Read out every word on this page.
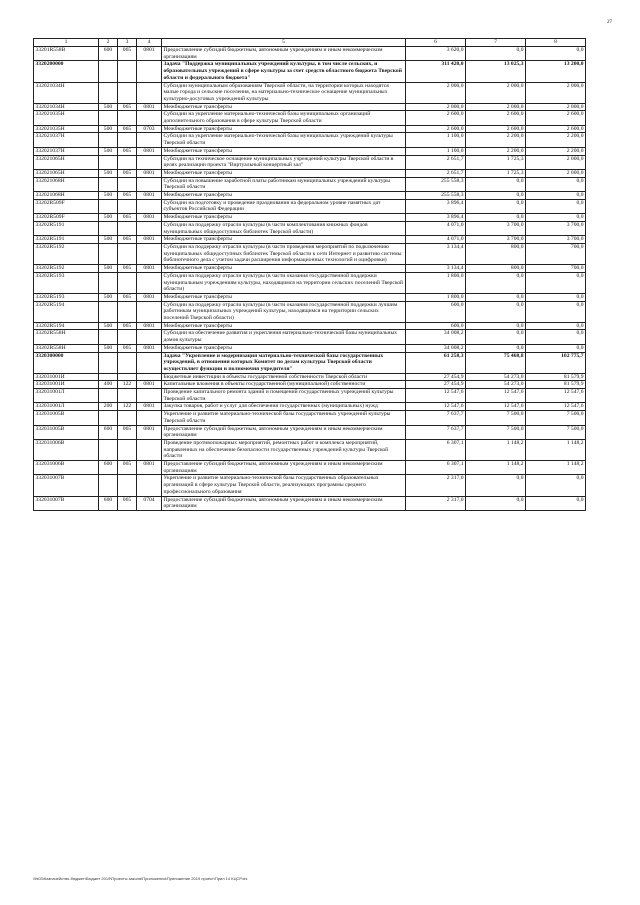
27
1	2	3	4	5	6	7	8
33201R558B	600	065	0801	Предоставление субсидий бюджетным, автономным учреждениям и иным некоммерческим организациям	3 620,0	0,0	0,0
3320200000				Задача "Поддержка муниципальных учреждений культуры, в том числе сельских, и образовательных учреждений в сфере культуры за счет средств областного бюджета Тверской области и федерального бюджета"	311 420,0	13 025,3	13 200,0
332021034H				Субсидии муниципальным образованиям Тверской области, на территории которых находятся малые города и сельские поселения, на материально-техническое оснащение муниципальных культурно-досуговых учреждений культуры	2 000,0	2 000,0	2 000,0
332021034H	500	065	0801	Межбюджетные трансферты	2 000,0	2 000,0	2 000,0
332021035H				Субсидии на укрепление материально-технической базы муниципальных организаций дополнительного образования в сфере культуры Тверской области	2 600,0	2 600,0	2 600,0
332021035H	500	065	0703	Межбюджетные трансферты	2 600,0	2 600,0	2 600,0
332021037H				Субсидии на укрепление материально-технической базы муниципальных учреждений культуры Тверской области	1 100,0	2 200,0	2 200,0
332021037H	500	065	0801	Межбюджетные трансферты	1 100,0	2 200,0	2 200,0
332021065H				Субсидии на техническое оснащение муниципальных учреждений культуры Тверской области в целях реализации проекта "Виртуальный концертный зал"	2 651,7	1 725,3	2 000,0
332021065H	500	065	0801	Межбюджетные трансферты	2 651,7	1 725,3	2 000,0
332021068H				Субсидии на повышение заработной платы работникам муниципальных учреждений культуры Тверской области	255 558,3	0,0	0,0
332021068H	500	065	0801	Межбюджетные трансферты	255 558,3	0,0	0,0
33202R509F				Субсидии на подготовку и проведение празднования на федеральном уровне памятных дат субъектов Российской Федерации	3 896,4	0,0	0,0
33202R509F	500	065	0801	Межбюджетные трансферты	3 896,4	0,0	0,0
33202R5191				Субсидии на поддержку отрасли культуры (в части комплектования книжных фондов муниципальных общедоступных библиотек Тверской области)	4 071,0	3 700,0	3 700,0
33202R5191	500	065	0801	Межбюджетные трансферты	4 071,0	3 700,0	3 700,0
33202R5192				Субсидии на поддержку отрасли культуры (в части проведения мероприятий по подключению муниципальных общедоступных библиотек Тверской области к сети Интернет и развитию системы библиотечного дела с учетом задачи расширения информационных технологий и оцифровки)	3 134,4	800,0	700,0
33202R5192	500	065	0801	Межбюджетные трансферты	3 134,4	800,0	700,0
33202R5193				Субсидии на поддержку отрасли культуры (в части оказания государственной поддержки муниципальным учреждениям культуры, находящимся на территории сельских поселений Тверской области)	1 800,0	0,0	0,0
33202R5193	500	065	0801	Межбюджетные трансферты	1 800,0	0,0	0,0
33202R5194				Субсидии на поддержку отрасли культуры (в части оказания государственной поддержки лучшим работникам муниципальных учреждений культуры, находящимся на территории сельских поселений Тверской области)	600,0	0,0	0,0
33202R5194	500	065	0801	Межбюджетные трансферты	600,0	0,0	0,0
33202R558H				Субсидии на обеспечение развития и укрепления материально-технической базы муниципальных домов культуры	34 008,2	0,0	0,0
33202R558H	500	065	0801	Межбюджетные трансферты	34 008,2	0,0	0,0
3320300000				Задача "Укрепление и модернизация материально-технической базы государственных учреждений, в отношении которых Комитет по делам культуры Тверской области осуществляет функции и полномочия учредителя"	61 258,3	75 468,8	102 775,7
332031001И				Бюджетные инвестиции в объекты государственной собственности Тверской области	27 454,9	54 273,0	81 579,9
332031001И	400	122	0801	Капитальные вложения в объекты государственной (муниципальной) собственности	27 454,9	54 273,0	81 579,9
332031001Л				Проведение капитального ремонта зданий и помещений государственных учреждений культуры Тверской области	12 547,6	12 547,6	12 547,6
332031001Л	200	122	0801	Закупка товаров, работ и услуг для обеспечения государственных (муниципальных) нужд	12 547,6	12 547,6	12 547,6
332031005B				Укрепление и развитие материально-технической базы государственных учреждений культуры Тверской области	7 637,7	7 500,0	7 500,0
332031005B	600	065	0801	Предоставление субсидий бюджетным, автономным учреждениям и иным некоммерческим организациям	7 637,7	7 500,0	7 500,0
332031006B				Проведение противопожарных мероприятий, ремонтных работ и комплекса мероприятий, направленных на обеспечение безопасности государственных учреждений культуры Тверской области	6 307,1	1 148,2	1 148,2
332031006B	600	065	0801	Предоставление субсидий бюджетным, автономным учреждениям и иным некоммерческим организациям	6 307,1	1 148,2	1 148,2
332031007B				Укрепление и развитие материально-технической базы государственных образовательных организаций в сфере культуры Тверской области, реализующих программы среднего профессионального образования	2 317,0	0,0	0,0
332031007B	600	065	0704	Предоставление субсидий бюджетным, автономным учреждениям и иным некоммерческим организациям	2 317,0	0,0	0,0
\\fs03\Казначейство-бюджет\Бюджет 2019\Проекты закона\Приложения\Приложение 2019 проект\Прил 14 КЦСР.xls
